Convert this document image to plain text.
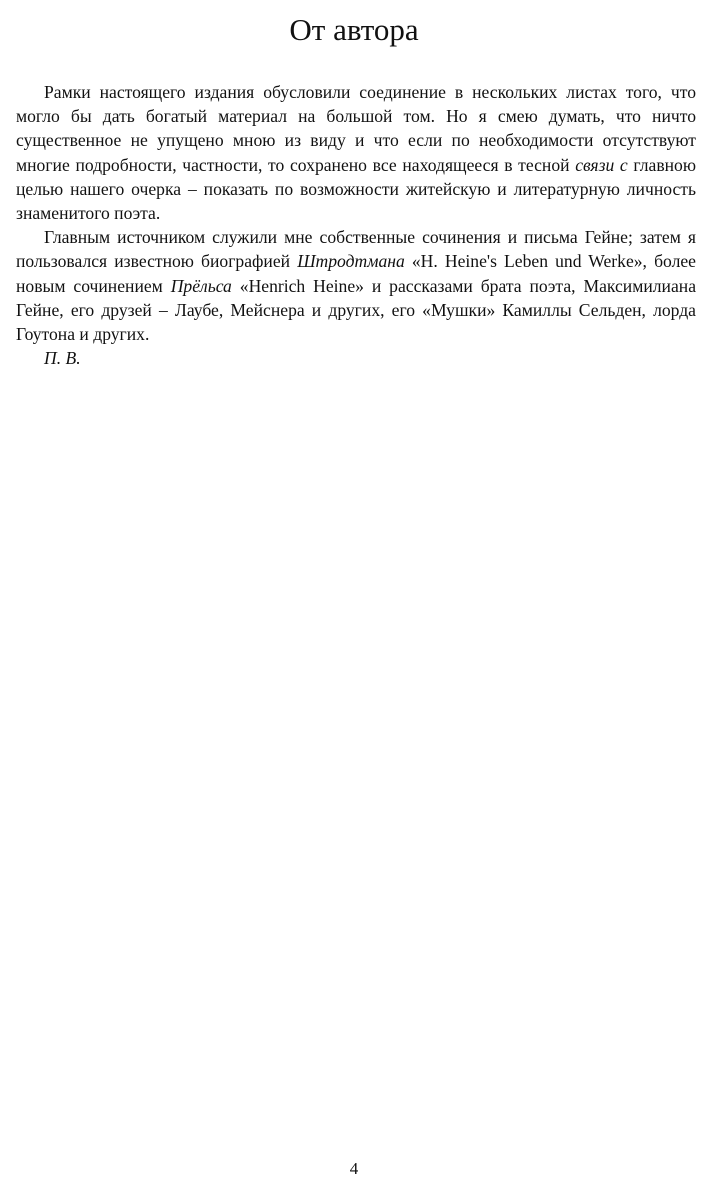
От автора

Рамки настоящего издания обусловили соединение в нескольких листах того, что могло бы дать богатый материал на большой том. Но я смею думать, что ничто существенное не упущено мною из виду и что если по необходимости отсутствуют многие подробности, частности, то сохранено все находящееся в тесной связи с главною целью нашего очерка – показать по возможности житейскую и литературную личность знаменитого поэта.

Главным источником служили мне собственные сочинения и письма Гейне; затем я пользовался известною биографией Штродтмана «H. Heine's Leben und Werke», более новым сочинением Прёльса «Henrich Heine» и рассказами брата поэта, Максимилиана Гейне, его друзей – Лаубе, Мейснера и других, его «Мушки» Камиллы Сельден, лорда Гоутона и других.

П. В.

4
